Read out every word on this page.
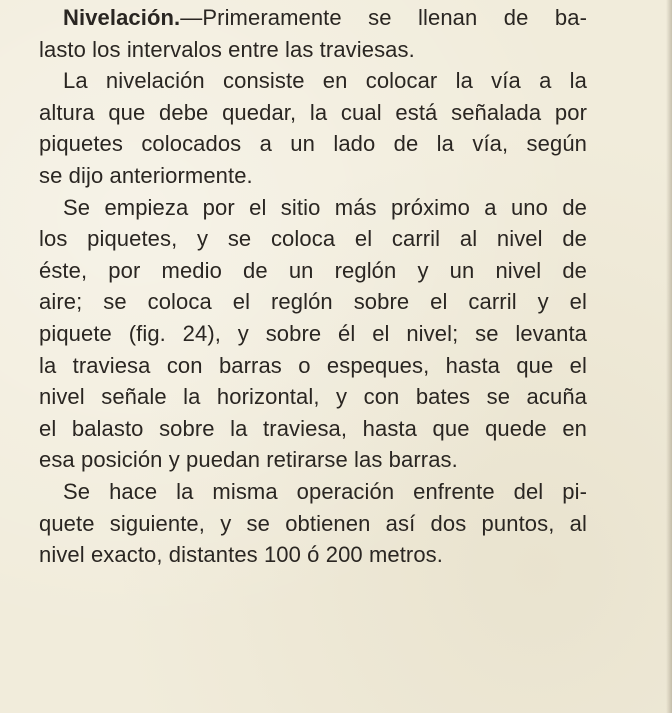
Nivelación.—Primeramente se llenan de ba-
lasto los intervalos entre las traviesas.
La nivelación consiste en colocar la vía a la
altura que debe quedar, la cual está señalada por
piquetes colocados a un lado de la vía, según
se dijo anteriormente.
Se empieza por el sitio más próximo a uno de
los piquetes, y se coloca el carril al nivel de
éste, por medio de un reglón y un nivel de
aire; se coloca el reglón sobre el carril y el
piquete (fig. 24), y sobre él el nivel; se levanta
la traviesa con barras o espeques, hasta que el
nivel señale la horizontal, y con bates se acuña
el balasto sobre la traviesa, hasta que quede en
esa posición y puedan retirarse las barras.
Se hace la misma operación enfrente del pi-
quete siguiente, y se obtienen así dos puntos, al
nivel exacto, distantes 100 ó 200 metros.
